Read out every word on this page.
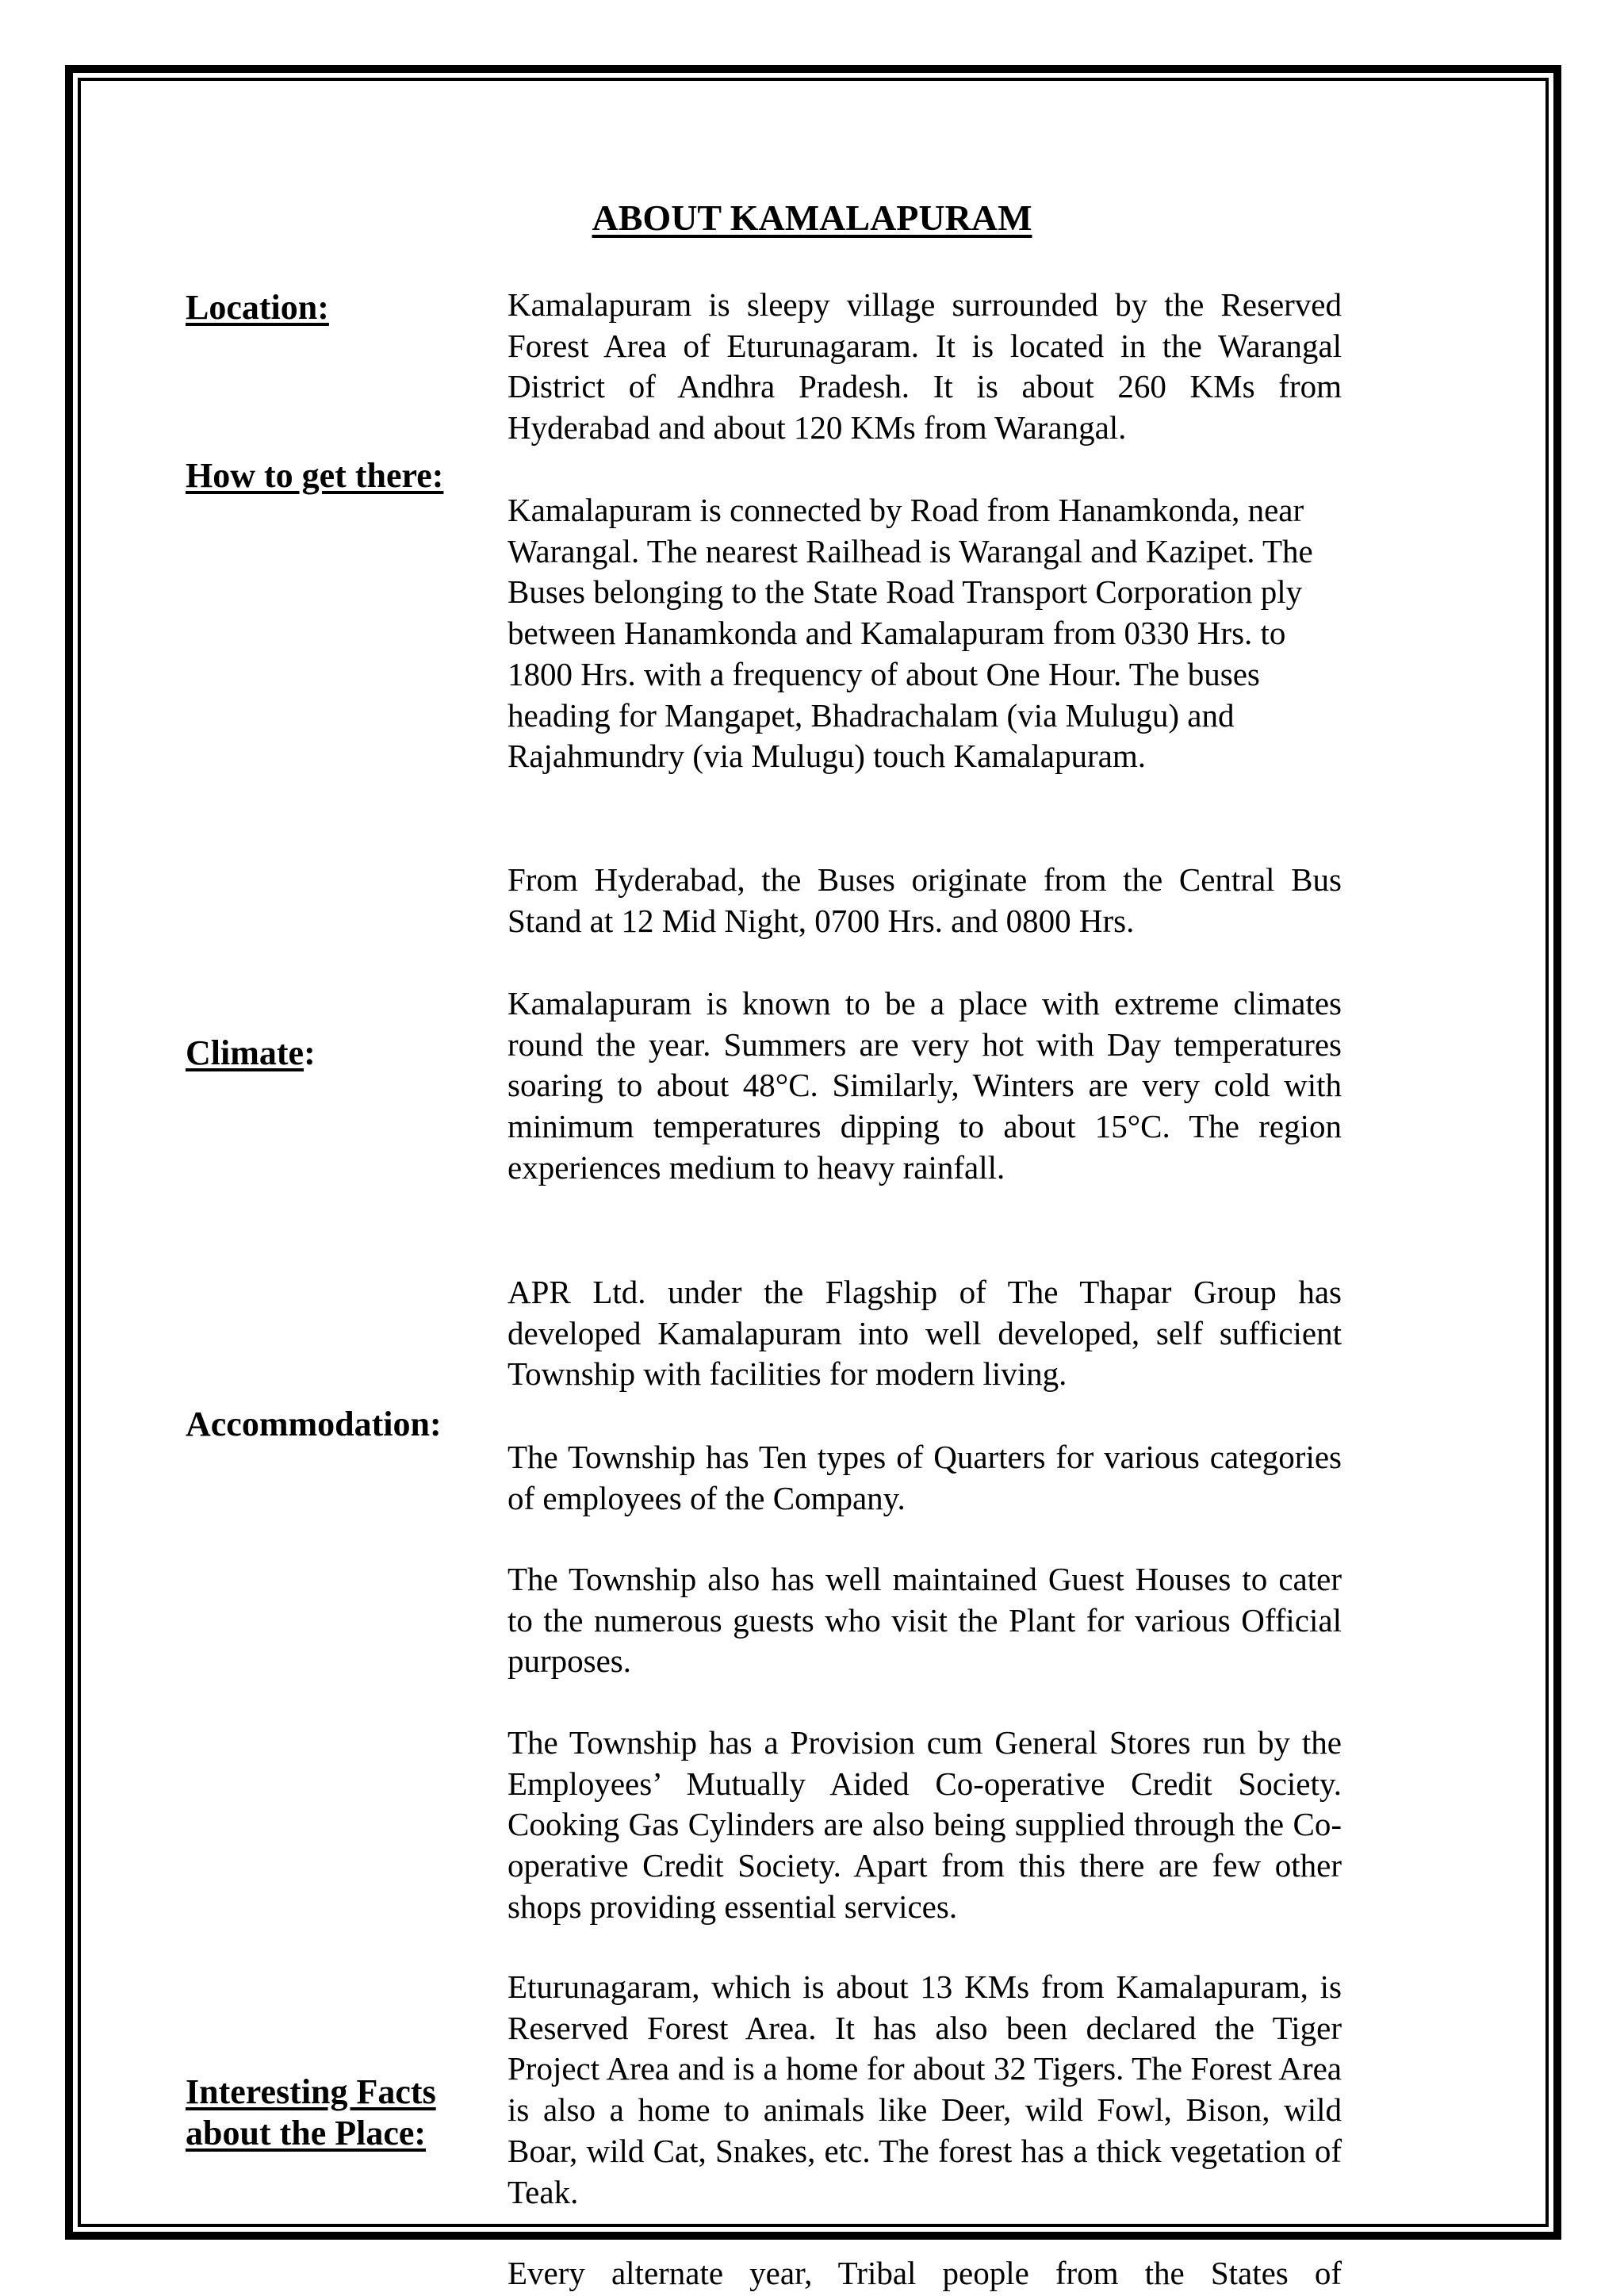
ABOUT KAMALAPURAM

Location:

How to get there:

Climate:

Accommodation:

Interesting Facts
about the Place:

Kamalapuram is sleepy village surrounded by the Reserved Forest Area of Eturunagaram. It is located in the Warangal District of Andhra Pradesh. It is about 260 KMs from Hyderabad and about 120 KMs from Warangal.

Kamalapuram is connected by Road from Hanamkonda, near Warangal. The nearest Railhead is Warangal and Kazipet. The Buses belonging to the State Road Transport Corporation ply between Hanamkonda and Kamalapuram from 0330 Hrs. to 1800 Hrs. with a frequency of about One Hour. The buses heading for Mangapet, Bhadrachalam (via Mulugu) and Rajahmundry (via Mulugu) touch Kamalapuram.

From Hyderabad, the Buses originate from the Central Bus Stand at 12 Mid Night, 0700 Hrs. and 0800 Hrs.

Kamalapuram is known to be a place with extreme climates round the year. Summers are very hot with Day temperatures soaring to about 48°C. Similarly, Winters are very cold with minimum temperatures dipping to about 15°C. The region experiences medium to heavy rainfall.

APR Ltd. under the Flagship of The Thapar Group has developed Kamalapuram into well developed, self sufficient Township with facilities for modern living.

The Township has Ten types of Quarters for various categories of employees of the Company.

The Township also has well maintained Guest Houses to cater to the numerous guests who visit the Plant for various Official purposes.

The Township has a Provision cum General Stores run by the Employees’ Mutually Aided Co-operative Credit Society. Cooking Gas Cylinders are also being supplied through the Co-operative Credit Society. Apart from this there are few other shops providing essential services.

Eturunagaram, which is about 13 KMs from Kamalapuram, is Reserved Forest Area. It has also been declared the Tiger Project Area and is a home for about 32 Tigers. The Forest Area is also a home to animals like Deer, wild Fowl, Bison, wild Boar, wild Cat, Snakes, etc. The forest has a thick vegetation of Teak.

Every alternate year, Tribal people from the States of
